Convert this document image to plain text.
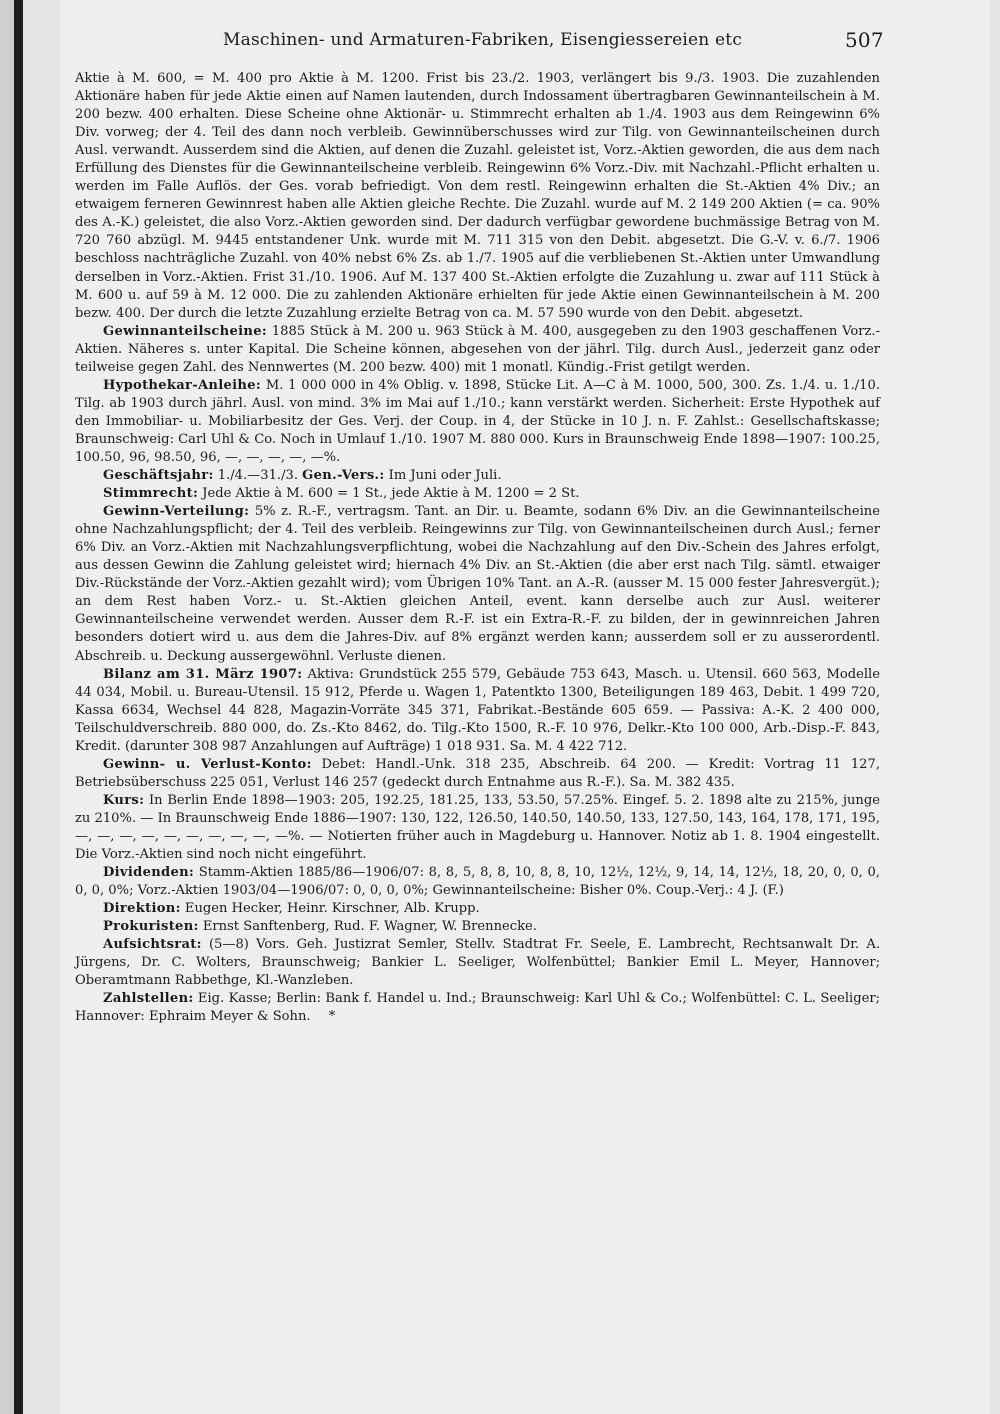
Maschinen- und Armaturen-Fabriken, Eisengiessereien etc	507

Aktie à M. 600, = M. 400 pro Aktie à M. 1200. Frist bis 23./2. 1903, verlängert bis 9./3. 1903. Die zuzahlenden Aktionäre haben für jede Aktie einen auf Namen lautenden, durch Indossament übertragbaren Gewinnanteilschein à M. 200 bezw. 400 erhalten. Diese Scheine ohne Aktionär- u. Stimmrecht erhalten ab 1./4. 1903 aus dem Reingewinn 6% Div. vorweg; der 4. Teil des dann noch verbleib. Gewinnüberschusses wird zur Tilg. von Gewinnanteilscheinen durch Ausl. verwandt. Ausserdem sind die Aktien, auf denen die Zuzahl. geleistet ist, Vorz.-Aktien geworden, die aus dem nach Erfüllung des Dienstes für die Gewinnanteilscheine verbleib. Reingewinn 6% Vorz.-Div. mit Nachzahl.-Pflicht erhalten u. werden im Falle Auflös. der Ges. vorab befriedigt. Von dem restl. Reingewinn erhalten die St.-Aktien 4% Div.; an etwaigem ferneren Gewinnrest haben alle Aktien gleiche Rechte. Die Zuzahl. wurde auf M. 2 149 200 Aktien (= ca. 90% des A.-K.) geleistet, die also Vorz.-Aktien geworden sind. Der dadurch verfügbar gewordene buchmässige Betrag von M. 720 760 abzügl. M. 9445 entstandener Unk. wurde mit M. 711 315 von den Debit. abgesetzt. Die G.-V. v. 6./7. 1906 beschloss nachträgliche Zuzahl. von 40% nebst 6% Zs. ab 1./7. 1905 auf die verbliebenen St.-Aktien unter Umwandlung derselben in Vorz.-Aktien. Frist 31./10. 1906. Auf M. 137 400 St.-Aktien erfolgte die Zuzahlung u. zwar auf 111 Stück à M. 600 u. auf 59 à M. 12 000. Die zu zahlenden Aktionäre erhielten für jede Aktie einen Gewinnanteilschein à M. 200 bezw. 400. Der durch die letzte Zuzahlung erzielte Betrag von ca. M. 57 590 wurde von den Debit. abgesetzt.

Gewinnanteilscheine: 1885 Stück à M. 200 u. 963 Stück à M. 400, ausgegeben zu den 1903 geschaffenen Vorz.-Aktien. Näheres s. unter Kapital. Die Scheine können, abgesehen von der jährl. Tilg. durch Ausl., jederzeit ganz oder teilweise gegen Zahl. des Nennwertes (M. 200 bezw. 400) mit 1 monatl. Kündig.-Frist getilgt werden.

Hypothekar-Anleihe: M. 1 000 000 in 4% Oblig. v. 1898, Stücke Lit. A—C à M. 1000, 500, 300. Zs. 1./4. u. 1./10. Tilg. ab 1903 durch jährl. Ausl. von mind. 3% im Mai auf 1./10.; kann verstärkt werden. Sicherheit: Erste Hypothek auf den Immobiliar- u. Mobiliarbesitz der Ges. Verj. der Coup. in 4, der Stücke in 10 J. n. F. Zahlst.: Gesellschaftskasse; Braunschweig: Carl Uhl & Co. Noch in Umlauf 1./10. 1907 M. 880 000. Kurs in Braunschweig Ende 1898—1907: 100.25, 100.50, 96, 98.50, 96, —, —, —, —, —%.

Geschäftsjahr: 1./4.—31./3. Gen.-Vers.: Im Juni oder Juli.

Stimmrecht: Jede Aktie à M. 600 = 1 St., jede Aktie à M. 1200 = 2 St.

Gewinn-Verteilung: 5% z. R.-F., vertragsm. Tant. an Dir. u. Beamte, sodann 6% Div. an die Gewinnanteilscheine ohne Nachzahlungspflicht; der 4. Teil des verbleib. Reingewinns zur Tilg. von Gewinnanteilscheinen durch Ausl.; ferner 6% Div. an Vorz.-Aktien mit Nachzahlungsverpflichtung, wobei die Nachzahlung auf den Div.-Schein des Jahres erfolgt, aus dessen Gewinn die Zahlung geleistet wird; hiernach 4% Div. an St.-Aktien (die aber erst nach Tilg. sämtl. etwaiger Div.-Rückstände der Vorz.-Aktien gezahlt wird); vom Übrigen 10% Tant. an A.-R. (ausser M. 15 000 fester Jahresvergüt.); an dem Rest haben Vorz.- u. St.-Aktien gleichen Anteil, event. kann derselbe auch zur Ausl. weiterer Gewinnanteilscheine verwendet werden. Ausser dem R.-F. ist ein Extra-R.-F. zu bilden, der in gewinnreichen Jahren besonders dotiert wird u. aus dem die Jahres-Div. auf 8% ergänzt werden kann; ausserdem soll er zu ausserordentl. Abschreib. u. Deckung aussergewöhnl. Verluste dienen.

Bilanz am 31. März 1907: Aktiva: Grundstück 255 579, Gebäude 753 643, Masch. u. Utensil. 660 563, Modelle 44 034, Mobil. u. Bureau-Utensil. 15 912, Pferde u. Wagen 1, Patentkto 1300, Beteiligungen 189 463, Debit. 1 499 720, Kassa 6634, Wechsel 44 828, Magazin-Vorräte 345 371, Fabrikat.-Bestände 605 659. — Passiva: A.-K. 2 400 000, Teilschuldverschreib. 880 000, do. Zs.-Kto 8462, do. Tilg.-Kto 1500, R.-F. 10 976, Delkr.-Kto 100 000, Arb.-Disp.-F. 843, Kredit. (darunter 308 987 Anzahlungen auf Aufträge) 1 018 931. Sa. M. 4 422 712.

Gewinn- u. Verlust-Konto: Debet: Handl.-Unk. 318 235, Abschreib. 64 200. — Kredit: Vortrag 11 127, Betriebsüberschuss 225 051, Verlust 146 257 (gedeckt durch Entnahme aus R.-F.). Sa. M. 382 435.

Kurs: In Berlin Ende 1898—1903: 205, 192.25, 181.25, 133, 53.50, 57.25%. Eingef. 5. 2. 1898 alte zu 215%, junge zu 210%. — In Braunschweig Ende 1886—1907: 130, 122, 126.50, 140.50, 140.50, 133, 127.50, 143, 164, 178, 171, 195, —, —, —, —, —, —, —, —, —, —%. — Notierten früher auch in Magdeburg u. Hannover. Notiz ab 1. 8. 1904 eingestellt. Die Vorz.-Aktien sind noch nicht eingeführt.

Dividenden: Stamm-Aktien 1885/86—1906/07: 8, 8, 5, 8, 8, 10, 8, 8, 10, 12½, 12½, 9, 14, 14, 12½, 18, 20, 0, 0, 0, 0, 0, 0%; Vorz.-Aktien 1903/04—1906/07: 0, 0, 0, 0%; Gewinnanteilscheine: Bisher 0%. Coup.-Verj.: 4 J. (F.)

Direktion: Eugen Hecker, Heinr. Kirschner, Alb. Krupp.

Prokuristen: Ernst Sanftenberg, Rud. F. Wagner, W. Brennecke.

Aufsichtsrat: (5—8) Vors. Geh. Justizrat Semler, Stellv. Stadtrat Fr. Seele, E. Lambrecht, Rechtsanwalt Dr. A. Jürgens, Dr. C. Wolters, Braunschweig; Bankier L. Seeliger, Wolfenbüttel; Bankier Emil L. Meyer, Hannover; Oberamtmann Rabbethge, Kl.-Wanzleben.

Zahlstellen: Eig. Kasse; Berlin: Bank f. Handel u. Ind.; Braunschweig: Karl Uhl & Co.; Wolfenbüttel: C. L. Seeliger; Hannover: Ephraim Meyer & Sohn. *
